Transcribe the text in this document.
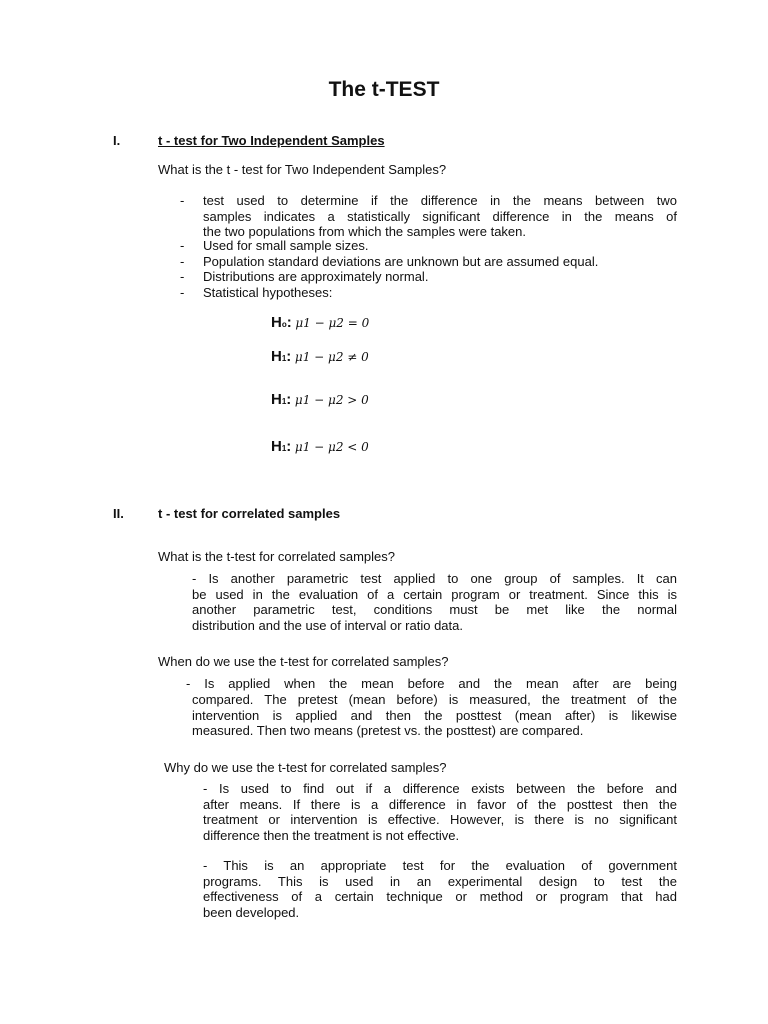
The t-TEST
I.	t - test for Two Independent Samples
What is the t - test for Two Independent Samples?
- test used to determine if the difference in the means between two
samples indicates a statistically significant difference in the means of
the two populations from which the samples were taken.
- Used for small sample sizes.
- Population standard deviations are unknown but are assumed equal.
- Distributions are approximately normal.
- Statistical hypotheses:
Ho: μ1 − μ2 = 0
H1: μ1 − μ2 ≠ 0
H1: μ1 − μ2 > 0
H1: μ1 − μ2 < 0
II.	t - test for correlated samples
What is the t-test for correlated samples?
- Is another parametric test applied to one group of samples. It can
be used in the evaluation of a certain program or treatment. Since this is
another parametric test, conditions must be met like the normal
distribution and the use of interval or ratio data.
When do we use the t-test for correlated samples?
- Is applied when the mean before and the mean after are being
compared. The pretest (mean before) is measured, the treatment of the
intervention is applied and then the posttest (mean after) is likewise
measured. Then two means (pretest vs. the posttest) are compared.
Why do we use the t-test for correlated samples?
- Is used to find out if a difference exists between the before and
after means. If there is a difference in favor of the posttest then the
treatment or intervention is effective. However, is there is no significant
difference then the treatment is not effective.
- This is an appropriate test for the evaluation of government
programs. This is used in an experimental design to test the
effectiveness of a certain technique or method or program that had
been developed.
